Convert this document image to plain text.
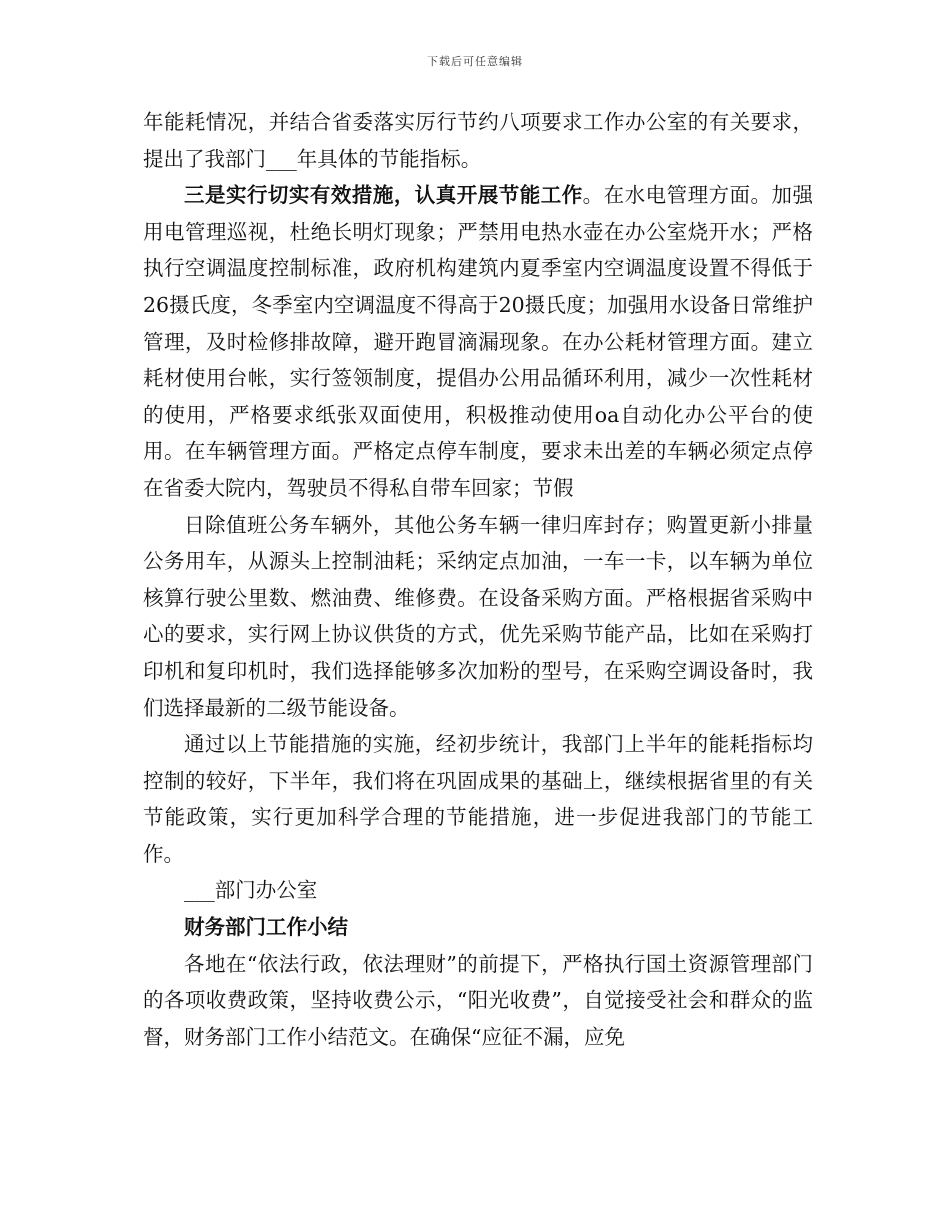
下载后可任意编辑

年能耗情况，并结合省委落实厉行节约八项要求工作办公室的有关要求，提出了我部门___年具体的节能指标。

三是实行切实有效措施，认真开展节能工作。在水电管理方面。加强用电管理巡视，杜绝长明灯现象；严禁用电热水壶在办公室烧开水；严格执行空调温度控制标准，政府机构建筑内夏季室内空调温度设置不得低于26摄氏度，冬季室内空调温度不得高于20摄氏度；加强用水设备日常维护管理，及时检修排故障，避开跑冒滴漏现象。在办公耗材管理方面。建立耗材使用台帐，实行签领制度，提倡办公用品循环利用，减少一次性耗材的使用，严格要求纸张双面使用，积极推动使用oa自动化办公平台的使用。在车辆管理方面。严格定点停车制度，要求未出差的车辆必须定点停在省委大院内，驾驶员不得私自带车回家；节假

日除值班公务车辆外，其他公务车辆一律归库封存；购置更新小排量公务用车，从源头上控制油耗；采纳定点加油，一车一卡，以车辆为单位核算行驶公里数、燃油费、维修费。在设备采购方面。严格根据省采购中心的要求，实行网上协议供货的方式，优先采购节能产品，比如在采购打印机和复印机时，我们选择能够多次加粉的型号，在采购空调设备时，我们选择最新的二级节能设备。

通过以上节能措施的实施，经初步统计，我部门上半年的能耗指标均控制的较好，下半年，我们将在巩固成果的基础上，继续根据省里的有关节能政策，实行更加科学合理的节能措施，进一步促进我部门的节能工作。

___部门办公室

财务部门工作小结

各地在“依法行政，依法理财”的前提下，严格执行国土资源管理部门的各项收费政策，坚持收费公示，“阳光收费”，自觉接受社会和群众的监督，财务部门工作小结范文。在确保“应征不漏，应免
